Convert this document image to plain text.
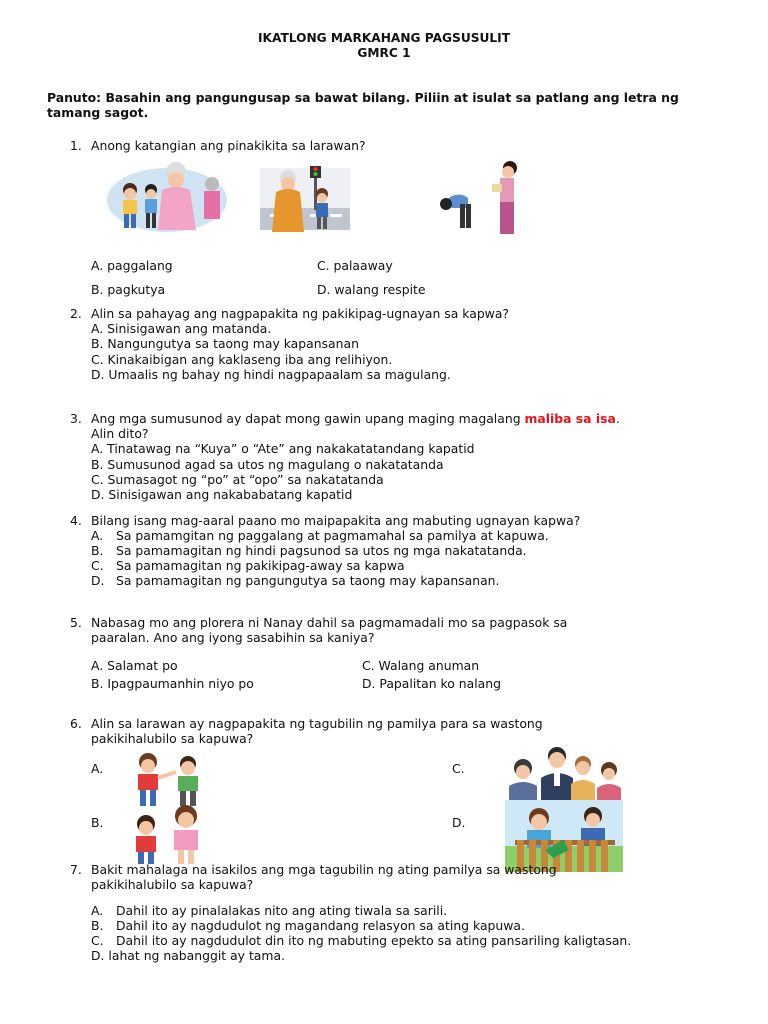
IKATLONG MARKAHANG PAGSUSULIT
GMRC 1
Panuto: Basahin ang pangungusap sa bawat bilang. Piliin at isulat sa patlang ang letra ng
tamang sagot.
1. Anong katangian ang pinakikita sa larawan?
A. paggalang	C. palaaway
B. pagkutya	D. walang respite
2. Alin sa pahayag ang nagpapakita ng pakikipag-ugnayan sa kapwa?
A. Sinisigawan ang matanda.
B. Nangungutya sa taong may kapansanan
C. Kinakaibigan ang kaklaseng iba ang relihiyon.
D. Umaalis ng bahay ng hindi nagpapaalam sa magulang.
3. Ang mga sumusunod ay dapat mong gawin upang maging magalang maliba sa isa.
Alin dito?
A. Tinatawag na “Kuya” o “Ate” ang nakakatatandang kapatid
B. Sumusunod agad sa utos ng magulang o nakatatanda
C. Sumasagot ng “po” at “opo” sa nakatatanda
D. Sinisigawan ang nakababatang kapatid
4. Bilang isang mag-aaral paano mo maipapakita ang mabuting ugnayan kapwa?
A. Sa pamamgitan ng paggalang at pagmamahal sa pamilya at kapuwa.
B. Sa pamamagitan ng hindi pagsunod sa utos ng mga nakatatanda.
C. Sa pamamagitan ng pakikipag-away sa kapwa
D. Sa pamamagitan ng pangungutya sa taong may kapansanan.
5. Nabasag mo ang plorera ni Nanay dahil sa pagmamadali mo sa pagpasok sa
paaralan. Ano ang iyong sasabihin sa kaniya?
A. Salamat po	C. Walang anuman
B. Ipagpaumanhin niyo po	D. Papalitan ko nalang
6. Alin sa larawan ay nagpapakita ng tagubilin ng pamilya para sa wastong
pakikihalubilo sa kapuwa?
A.	C.
B.	D.
7. Bakit mahalaga na isakilos ang mga tagubilin ng ating pamilya sa wastong
pakikihalubilo sa kapuwa?
A. Dahil ito ay pinalalakas nito ang ating tiwala sa sarili.
B. Dahil ito ay nagdudulot ng magandang relasyon sa ating kapuwa.
C. Dahil ito ay nagdudulot din ito ng mabuting epekto sa ating pansariling kaligtasan.
D. lahat ng nabanggit ay tama.
